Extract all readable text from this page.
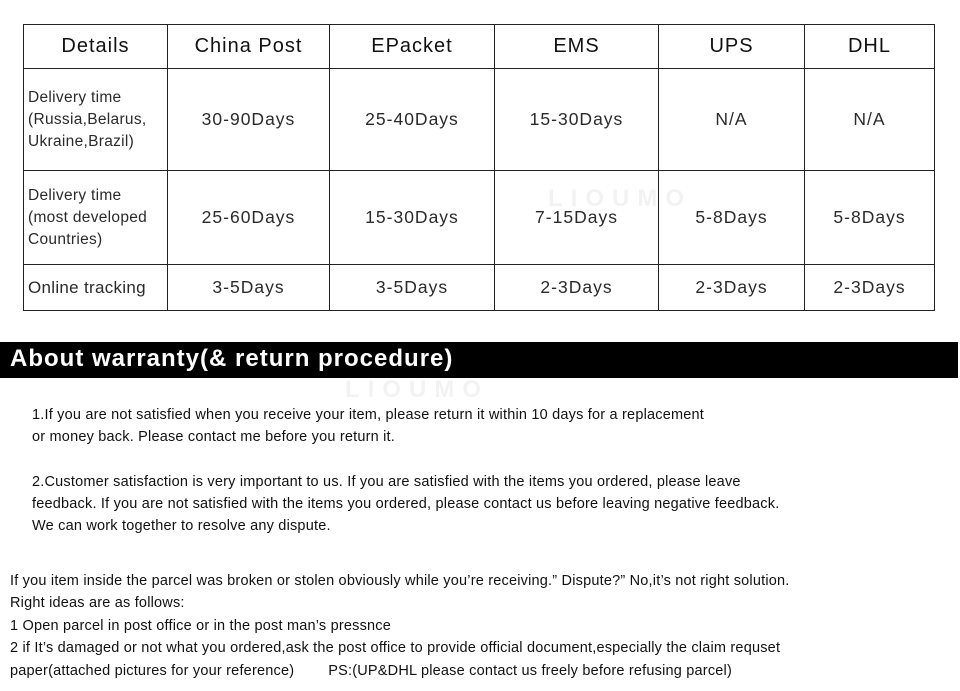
LIOUMO
LIOUMO
Details	China Post	EPacket	EMS	UPS	DHL

Delivery time
(Russia,Belarus,
Ukraine,Brazil)	30-90Days	25-40Days	15-30Days	N/A	N/A

Delivery time
(most developed
Countries)	25-60Days	15-30Days	7-15Days	5-8Days	5-8Days

Online tracking	3-5Days	3-5Days	2-3Days	2-3Days	2-3Days
About warranty(& return procedure)
1.If you are not satisfied when you receive your item, please return it within 10 days for a replacement
or money back. Please contact me before you return it.
2.Customer satisfaction is very important to us. If you are satisfied with the items you ordered, please leave
feedback. If you are not satisfied with the items you ordered, please contact us before leaving negative feedback.
We can work together to resolve any dispute.
If you item inside the parcel was broken or stolen obviously while you’re receiving.” Dispute?” No,it’s not right solution.
Right ideas are as follows:
1 Open parcel in post office or in the post man’s pressnce
2 if It’s damaged or not what you ordered,ask the post office to provide official document,especially the claim requset
paper(attached pictures for your reference) PS:(UP&DHL please contact us freely before refusing parcel)
